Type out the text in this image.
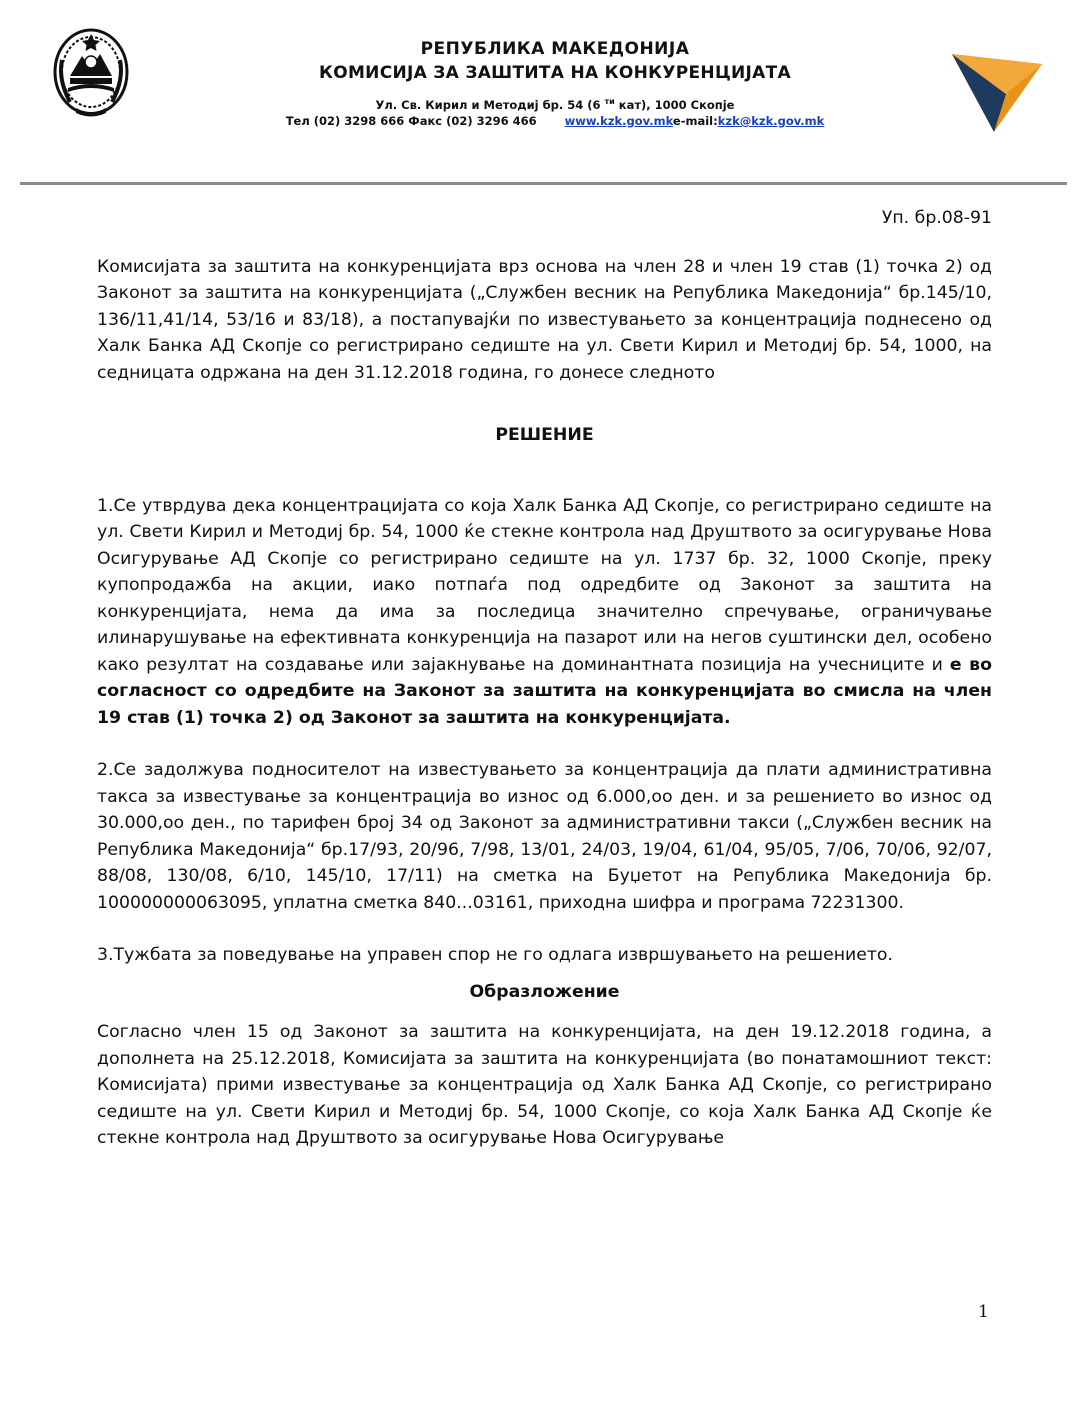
РЕПУБЛИКА МАКЕДОНИЈА
КОМИСИЈА ЗА ЗАШТИТА НА КОНКУРЕНЦИЈАТА
Ул. Св. Кирил и Методиј бр. 54 (6 $^{ти}$ кат), 1000 Скопје
Тел (02) 3298 666 Факс (02) 3296 466 www.kzk.gov.mke-mail:kzk@kzk.gov.mk
Уп. бр.08-91

Комисијата за заштита на конкуренцијата врз основа на член 28 и член 19 став (1) точка 2) од Законот за заштита на конкуренцијата („Службен весник на Република Македонија“ бр.145/10, 136/11,41/14, 53/16 и 83/18), а постапувајќи по известувањето за концентрација поднесено од Халк Банка АД Скопје со регистрирано седиште на ул. Свети Кирил и Методиј бр. 54, 1000, на седницата одржана на ден 31.12.2018 година, го донесе следното

РЕШЕНИЕ

1.Се утврдува дека концентрацијата со која Халк Банка АД Скопје, со регистрирано седиште на ул. Свети Кирил и Методиј бр. 54, 1000 ќе стекне контрола над Друштвото за осигурување Нова Осигурување АД Скопје со регистрирано седиште на ул. 1737 бр. 32, 1000 Скопје, преку купопродажба на акции, иако потпаѓа под одредбите од Законот за заштита на конкуренцијата, нема да има за последица значително спречување, ограничување илинарушување на ефективната конкуренција на пазарот или на негов суштински дел, особено како резултат на создавање или зајакнување на доминантната позиција на учесниците и е во согласност со одредбите на Законот за заштита на конкуренцијата во смисла на член 19 став (1) точка 2) од Законот за заштита на конкуренцијата.

2.Се задолжува подносителот на известувањето за концентрација да плати административна такса за известување за концентрација во износ од 6.000,оо ден. и за решението во износ од 30.000,оо ден., по тарифен број 34 од Законот за административни такси („Службен весник на Република Македонија“ бр.17/93, 20/96, 7/98, 13/01, 24/03, 19/04, 61/04, 95/05, 7/06, 70/06, 92/07, 88/08, 130/08, 6/10, 145/10, 17/11) на сметка на Буџетот на Република Македонија бр. 100000000063095, уплатна сметка 840...03161, приходна шифра и програма 72231300.

3.Тужбата за поведување на управен спор не го одлага извршувањето на решението.

Образложение

Согласно член 15 од Законот за заштита на конкуренцијата, на ден 19.12.2018 година, а дополнета на 25.12.2018, Комисијата за заштита на конкуренцијата (во понатамошниот текст: Комисијата) прими известување за концентрација од Халк Банка АД Скопје, со регистрирано седиште на ул. Свети Кирил и Методиј бр. 54, 1000 Скопје, со која Халк Банка АД Скопје ќе стекне контрола над Друштвото за осигурување Нова Осигурување

1
